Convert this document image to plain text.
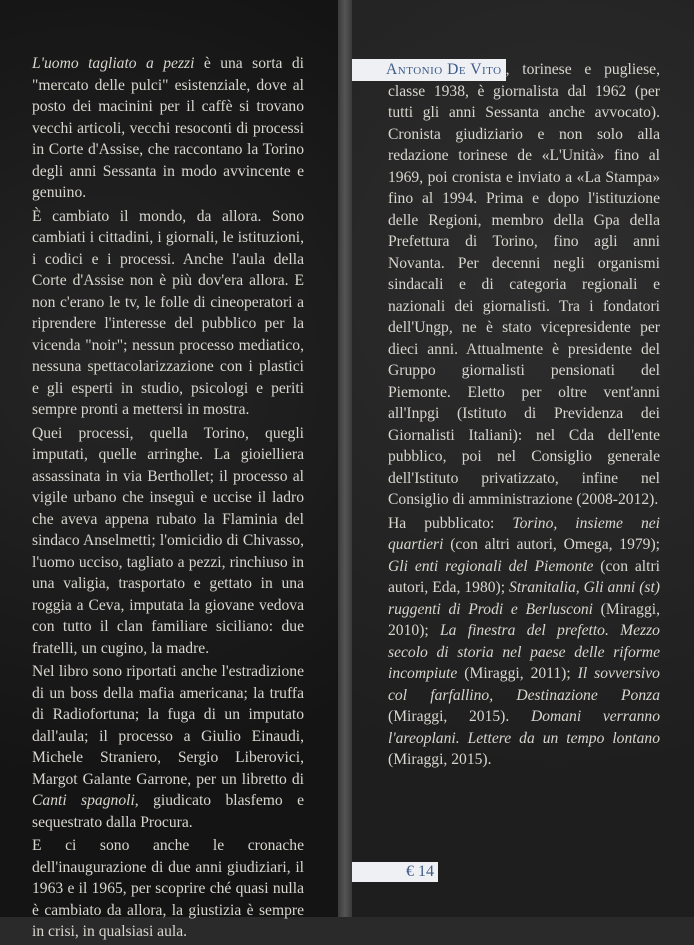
L'uomo tagliato a pezzi è una sorta di "mercato delle pulci" esistenziale, dove al posto dei macinini per il caffè si trovano vecchi articoli, vecchi resoconti di processi in Corte d'Assise, che raccontano la Torino degli anni Sessanta in modo avvincente e genuino.

È cambiato il mondo, da allora. Sono cambiati i cittadini, i giornali, le istituzioni, i codici e i processi. Anche l'aula della Corte d'Assise non è più dov'era allora. E non c'erano le tv, le folle di cineoperatori a riprendere l'interesse del pubblico per la vicenda "noir"; nessun processo mediatico, nessuna spettacolarizzazione con i plastici e gli esperti in studio, psicologi e periti sempre pronti a mettersi in mostra.

Quei processi, quella Torino, quegli imputati, quelle arringhe. La gioielliera assassinata in via Berthollet; il processo al vigile urbano che inseguì e uccise il ladro che aveva appena rubato la Flaminia del sindaco Anselmetti; l'omicidio di Chivasso, l'uomo ucciso, tagliato a pezzi, rinchiuso in una valigia, trasportato e gettato in una roggia a Ceva, imputata la giovane vedova con tutto il clan familiare siciliano: due fratelli, un cugino, la madre.

Nel libro sono riportati anche l'estradizione di un boss della mafia americana; la truffa di Radiofortuna; la fuga di un imputato dall'aula; il processo a Giulio Einaudi, Michele Straniero, Sergio Liberovici, Margot Galante Garrone, per un libretto di Canti spagnoli, giudicato blasfemo e sequestrato dalla Procura.

E ci sono anche le cronache dell'inaugurazione di due anni giudiziari, il 1963 e il 1965, per scoprire ché quasi nulla è cambiato da allora, la giustizia è sempre in crisi, in qualsiasi aula.

Antonio De Vito , torinese e pugliese, classe 1938, è giornalista dal 1962 (per tutti gli anni Sessanta anche avvocato). Cronista giudiziario e non solo alla redazione torinese de «L'Unità» fino al 1969, poi cronista e inviato a «La Stampa» fino al 1994. Prima e dopo l'istituzione delle Regioni, membro della Gpa della Prefettura di Torino, fino agli anni Novanta. Per decenni negli organismi sindacali e di categoria regionali e nazionali dei giornalisti. Tra i fondatori dell'Ungp, ne è stato vicepresidente per dieci anni. Attualmente è presidente del Gruppo giornalisti pensionati del Piemonte. Eletto per oltre vent'anni all'Inpgi (Istituto di Previdenza dei Giornalisti Italiani): nel Cda dell'ente pubblico, poi nel Consiglio generale dell'Istituto privatizzato, infine nel Consiglio di amministrazione (2008-2012).

Ha pubblicato: Torino, insieme nei quartieri (con altri autori, Omega, 1979); Gli enti regionali del Piemonte (con altri autori, Eda, 1980); Stranitalia, Gli anni (st) ruggenti di Prodi e Berlusconi (Miraggi, 2010); La finestra del prefetto. Mezzo secolo di storia nel paese delle riforme incompiute (Miraggi, 2011); Il sovversivo col farfallino, Destinazione Ponza (Miraggi, 2015). Domani verranno l'areoplani. Lettere da un tempo lontano (Miraggi, 2015).

€ 14
